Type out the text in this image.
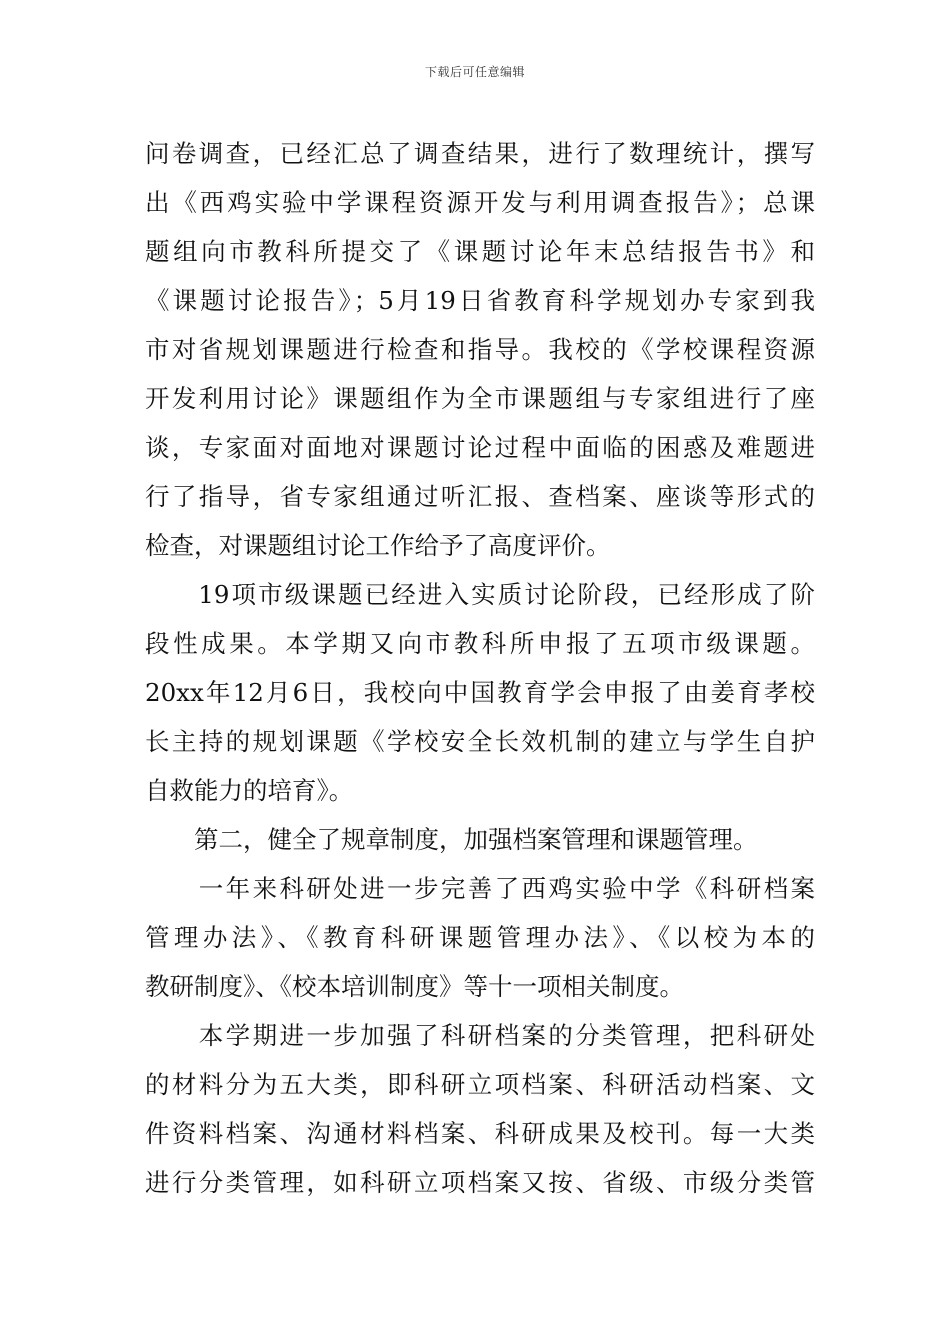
下载后可任意编辑
问卷调查，已经汇总了调查结果，进行了数理统计，撰写
出《西鸡实验中学课程资源开发与利用调查报告》；总课
题组向市教科所提交了《课题讨论年末总结报告书》和
《课题讨论报告》；5月19日省教育科学规划办专家到我
市对省规划课题进行检查和指导。我校的《学校课程资源
开发利用讨论》课题组作为全市课题组与专家组进行了座
谈，专家面对面地对课题讨论过程中面临的困惑及难题进
行了指导，省专家组通过听汇报、查档案、座谈等形式的
检查，对课题组讨论工作给予了高度评价。
　　19项市级课题已经进入实质讨论阶段，已经形成了阶
段性成果。本学期又向市教科所申报了五项市级课题。
20xx年12月6日，我校向中国教育学会申报了由姜育孝校
长主持的规划课题《学校安全长效机制的建立与学生自护
自救能力的培育》。
　　第二，健全了规章制度，加强档案管理和课题管理。
　　一年来科研处进一步完善了西鸡实验中学《科研档案
管理办法》、《教育科研课题管理办法》、《以校为本的
教研制度》、《校本培训制度》等十一项相关制度。
　　本学期进一步加强了科研档案的分类管理，把科研处
的材料分为五大类，即科研立项档案、科研活动档案、文
件资料档案、沟通材料档案、科研成果及校刊。每一大类
进行分类管理，如科研立项档案又按、省级、市级分类管
